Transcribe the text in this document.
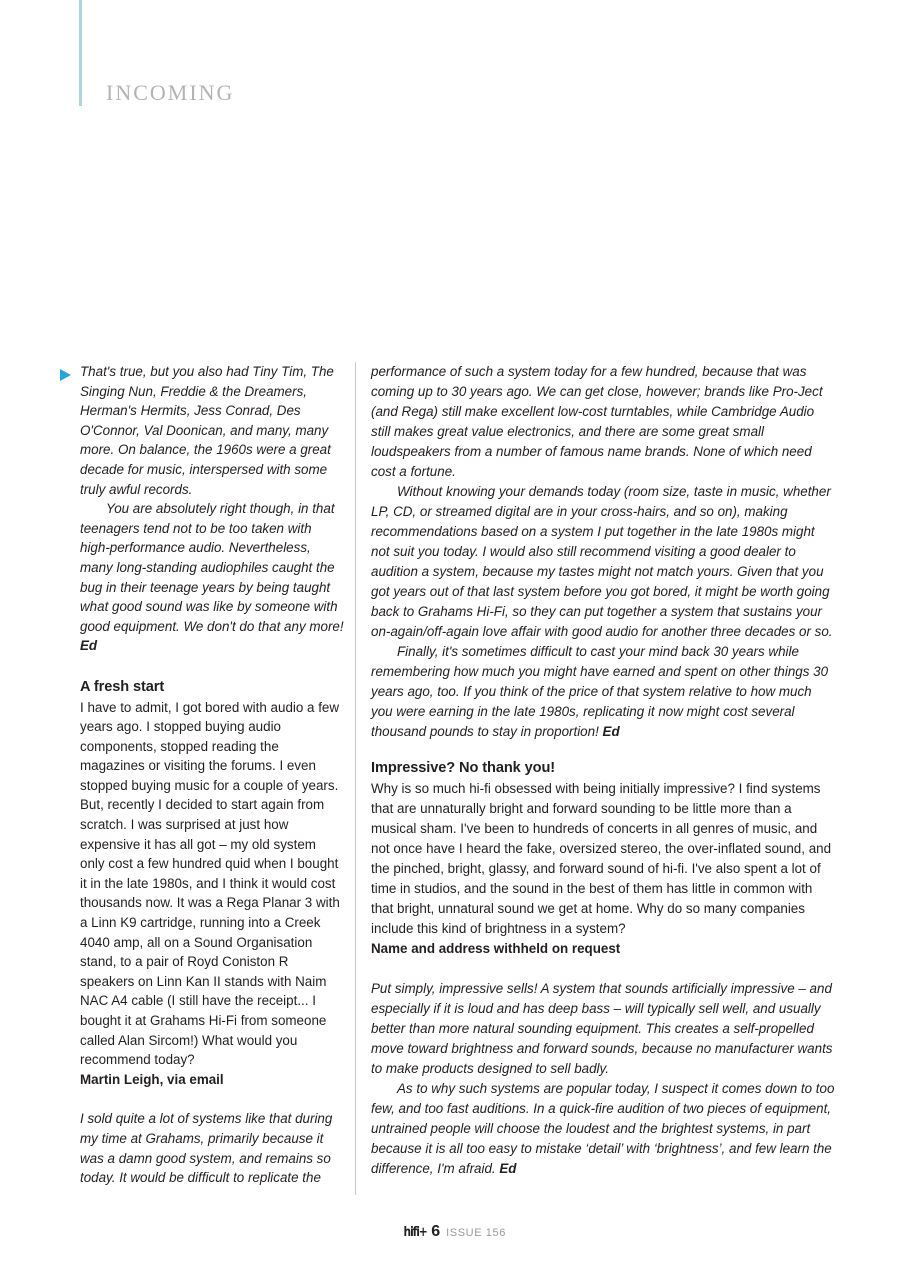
INCOMING

That's true, but you also had Tiny Tim, The Singing Nun, Freddie & the Dreamers, Herman's Hermits, Jess Conrad, Des O'Connor, Val Doonican, and many, many more. On balance, the 1960s were a great decade for music, interspersed with some truly awful records.

You are absolutely right though, in that teenagers tend not to be too taken with high-performance audio. Nevertheless, many long-standing audiophiles caught the bug in their teenage years by being taught what good sound was like by someone with good equipment. We don't do that any more! Ed

A fresh start

I have to admit, I got bored with audio a few years ago. I stopped buying audio components, stopped reading the magazines or visiting the forums. I even stopped buying music for a couple of years. But, recently I decided to start again from scratch. I was surprised at just how expensive it has all got – my old system only cost a few hundred quid when I bought it in the late 1980s, and I think it would cost thousands now. It was a Rega Planar 3 with a Linn K9 cartridge, running into a Creek 4040 amp, all on a Sound Organisation stand, to a pair of Royd Coniston R speakers on Linn Kan II stands with Naim NAC A4 cable (I still have the receipt... I bought it at Grahams Hi-Fi from someone called Alan Sircom!) What would you recommend today?

Martin Leigh, via email

I sold quite a lot of systems like that during my time at Grahams, primarily because it was a damn good system, and remains so today. It would be difficult to replicate the

performance of such a system today for a few hundred, because that was coming up to 30 years ago. We can get close, however; brands like Pro-Ject (and Rega) still make excellent low-cost turntables, while Cambridge Audio still makes great value electronics, and there are some great small loudspeakers from a number of famous name brands. None of which need cost a fortune.

Without knowing your demands today (room size, taste in music, whether LP, CD, or streamed digital are in your cross-hairs, and so on), making recommendations based on a system I put together in the late 1980s might not suit you today. I would also still recommend visiting a good dealer to audition a system, because my tastes might not match yours. Given that you got years out of that last system before you got bored, it might be worth going back to Grahams Hi-Fi, so they can put together a system that sustains your on-again/off-again love affair with good audio for another three decades or so.

Finally, it's sometimes difficult to cast your mind back 30 years while remembering how much you might have earned and spent on other things 30 years ago, too. If you think of the price of that system relative to how much you were earning in the late 1980s, replicating it now might cost several thousand pounds to stay in proportion! Ed

Impressive? No thank you!

Why is so much hi-fi obsessed with being initially impressive? I find systems that are unnaturally bright and forward sounding to be little more than a musical sham. I've been to hundreds of concerts in all genres of music, and not once have I heard the fake, oversized stereo, the over-inflated sound, and the pinched, bright, glassy, and forward sound of hi-fi. I've also spent a lot of time in studios, and the sound in the best of them has little in common with that bright, unnatural sound we get at home. Why do so many companies include this kind of brightness in a system?

Name and address withheld on request

Put simply, impressive sells! A system that sounds artificially impressive – and especially if it is loud and has deep bass – will typically sell well, and usually better than more natural sounding equipment. This creates a self-propelled move toward brightness and forward sounds, because no manufacturer wants to make products designed to sell badly.

As to why such systems are popular today, I suspect it comes down to too few, and too fast auditions. In a quick-fire audition of two pieces of equipment, untrained people will choose the loudest and the brightest systems, in part because it is all too easy to mistake ‘detail’ with ‘brightness’, and few learn the difference, I'm afraid. Ed

hifi+ 6 ISSUE 156
